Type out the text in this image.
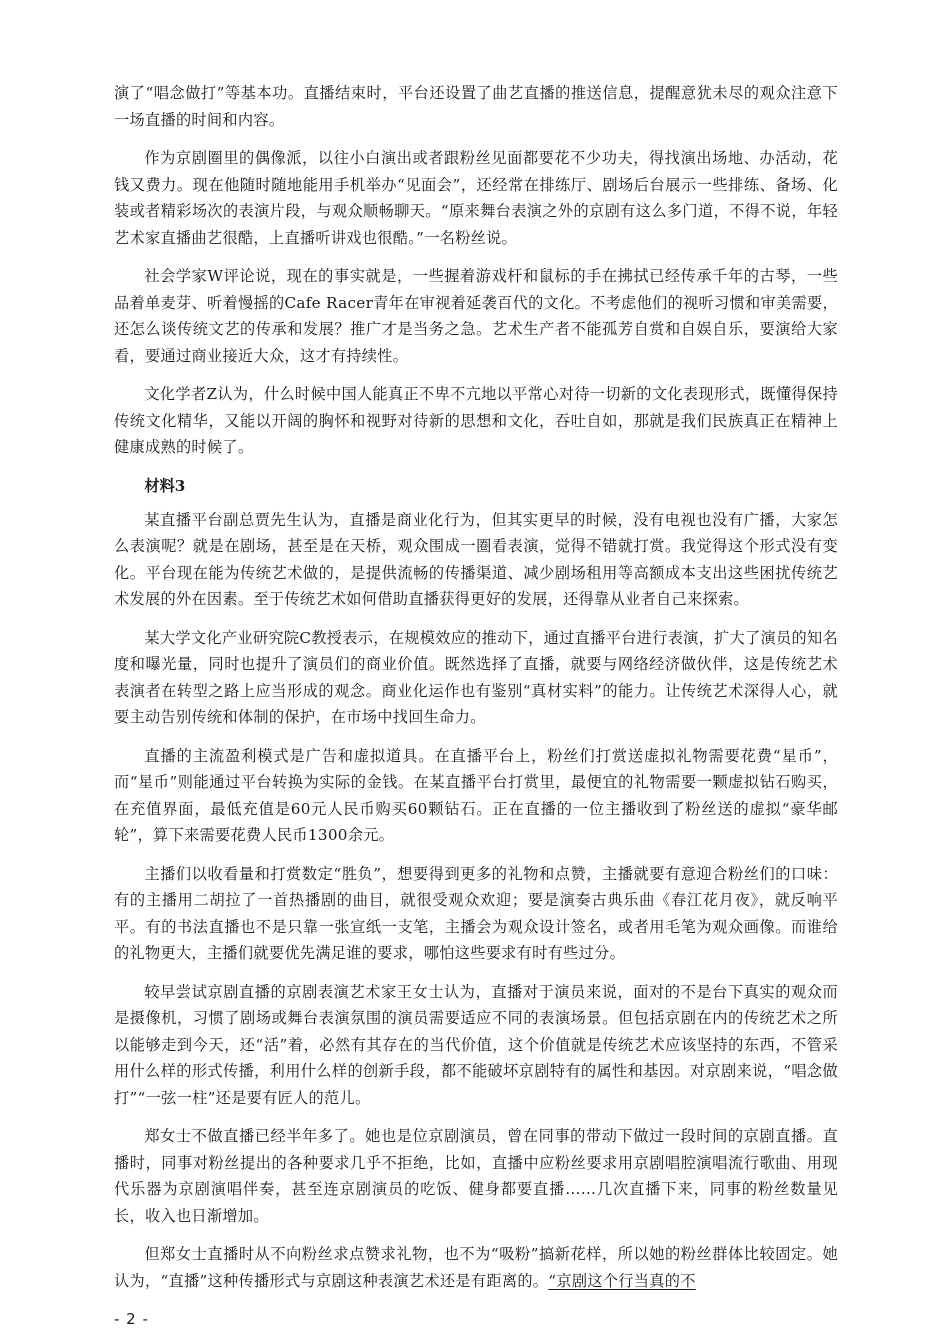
演了“唱念做打”等基本功。直播结束时，平台还设置了曲艺直播的推送信息，提醒意犹未尽的观众注意下一场直播的时间和内容。

作为京剧圈里的偶像派，以往小白演出或者跟粉丝见面都要花不少功夫，得找演出场地、办活动，花钱又费力。现在他随时随地能用手机举办“见面会”，还经常在排练厅、剧场后台展示一些排练、备场、化装或者精彩场次的表演片段，与观众顺畅聊天。“原来舞台表演之外的京剧有这么多门道，不得不说，年轻艺术家直播曲艺很酷，上直播听讲戏也很酷。”一名粉丝说。

社会学家W评论说，现在的事实就是，一些握着游戏杆和鼠标的手在拂拭已经传承千年的古琴，一些品着单麦芽、听着慢摇的Cafe Racer青年在审视着延袭百代的文化。不考虑他们的视听习惯和审美需要，还怎么谈传统文艺的传承和发展？推广才是当务之急。艺术生产者不能孤芳自赏和自娱自乐，要演给大家看，要通过商业接近大众，这才有持续性。

文化学者Z认为，什么时候中国人能真正不卑不亢地以平常心对待一切新的文化表现形式，既懂得保持传统文化精华，又能以开阔的胸怀和视野对待新的思想和文化，吞吐自如，那就是我们民族真正在精神上健康成熟的时候了。

材料3

某直播平台副总贾先生认为，直播是商业化行为，但其实更早的时候，没有电视也没有广播，大家怎么表演呢？就是在剧场，甚至是在天桥，观众围成一圈看表演，觉得不错就打赏。我觉得这个形式没有变化。平台现在能为传统艺术做的，是提供流畅的传播渠道、减少剧场租用等高额成本支出这些困扰传统艺术发展的外在因素。至于传统艺术如何借助直播获得更好的发展，还得靠从业者自己来探索。

某大学文化产业研究院C教授表示，在规模效应的推动下，通过直播平台进行表演，扩大了演员的知名度和曝光量，同时也提升了演员们的商业价值。既然选择了直播，就要与网络经济做伙伴，这是传统艺术表演者在转型之路上应当形成的观念。商业化运作也有鉴别“真材实料”的能力。让传统艺术深得人心，就要主动告别传统和体制的保护，在市场中找回生命力。

直播的主流盈利模式是广告和虚拟道具。在直播平台上，粉丝们打赏送虚拟礼物需要花费“星币”，而“星币”则能通过平台转换为实际的金钱。在某直播平台打赏里，最便宜的礼物需要一颗虚拟钻石购买，在充值界面，最低充值是60元人民币购买60颗钻石。正在直播的一位主播收到了粉丝送的虚拟“豪华邮轮”，算下来需要花费人民币1300余元。

主播们以收看量和打赏数定“胜负”，想要得到更多的礼物和点赞，主播就要有意迎合粉丝们的口味：有的主播用二胡拉了一首热播剧的曲目，就很受观众欢迎；要是演奏古典乐曲《春江花月夜》，就反响平平。有的书法直播也不是只靠一张宣纸一支笔，主播会为观众设计签名，或者用毛笔为观众画像。而谁给的礼物更大，主播们就要优先满足谁的要求，哪怕这些要求有时有些过分。

较早尝试京剧直播的京剧表演艺术家王女士认为，直播对于演员来说，面对的不是台下真实的观众而是摄像机，习惯了剧场或舞台表演氛围的演员需要适应不同的表演场景。但包括京剧在内的传统艺术之所以能够走到今天，还“活”着，必然有其存在的当代价值，这个价值就是传统艺术应该坚持的东西，不管采用什么样的形式传播，利用什么样的创新手段，都不能破坏京剧特有的属性和基因。对京剧来说，“唱念做打”“一弦一柱”还是要有匠人的范儿。

郑女士不做直播已经半年多了。她也是位京剧演员，曾在同事的带动下做过一段时间的京剧直播。直播时，同事对粉丝提出的各种要求几乎不拒绝，比如，直播中应粉丝要求用京剧唱腔演唱流行歌曲、用现代乐器为京剧演唱伴奏，甚至连京剧演员的吃饭、健身都要直播……几次直播下来，同事的粉丝数量见长，收入也日渐增加。

但郑女士直播时从不向粉丝求点赞求礼物，也不为“吸粉”搞新花样，所以她的粉丝群体比较固定。她认为，“直播”这种传播形式与京剧这种表演艺术还是有距离的。“京剧这个行当真的不

- 2 -
